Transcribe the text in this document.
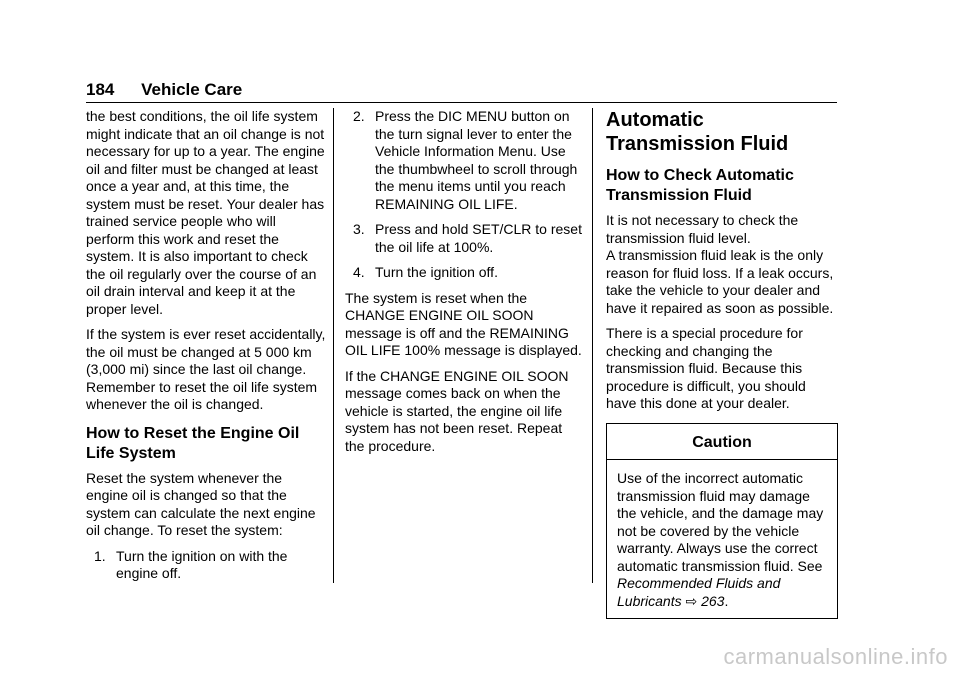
184 Vehicle Care

the best conditions, the oil life system might indicate that an oil change is not necessary for up to a year. The engine oil and filter must be changed at least once a year and, at this time, the system must be reset. Your dealer has trained service people who will perform this work and reset the system. It is also important to check the oil regularly over the course of an oil drain interval and keep it at the proper level.

If the system is ever reset accidentally, the oil must be changed at 5 000 km (3,000 mi) since the last oil change. Remember to reset the oil life system whenever the oil is changed.

How to Reset the Engine Oil Life System

Reset the system whenever the engine oil is changed so that the system can calculate the next engine oil change. To reset the system:

1. Turn the ignition on with the engine off.
2. Press the DIC MENU button on the turn signal lever to enter the Vehicle Information Menu. Use the thumbwheel to scroll through the menu items until you reach REMAINING OIL LIFE.
3. Press and hold SET/CLR to reset the oil life at 100%.
4. Turn the ignition off.

The system is reset when the CHANGE ENGINE OIL SOON message is off and the REMAINING OIL LIFE 100% message is displayed.

If the CHANGE ENGINE OIL SOON message comes back on when the vehicle is started, the engine oil life system has not been reset. Repeat the procedure.

Automatic Transmission Fluid
How to Check Automatic Transmission Fluid

It is not necessary to check the transmission fluid level.
A transmission fluid leak is the only reason for fluid loss. If a leak occurs, take the vehicle to your dealer and have it repaired as soon as possible.

There is a special procedure for checking and changing the transmission fluid. Because this procedure is difficult, you should have this done at your dealer.

Caution
Use of the incorrect automatic transmission fluid may damage the vehicle, and the damage may not be covered by the vehicle warranty. Always use the correct automatic transmission fluid. See Recommended Fluids and Lubricants ⇨ 263.
carmanualsonline.info
